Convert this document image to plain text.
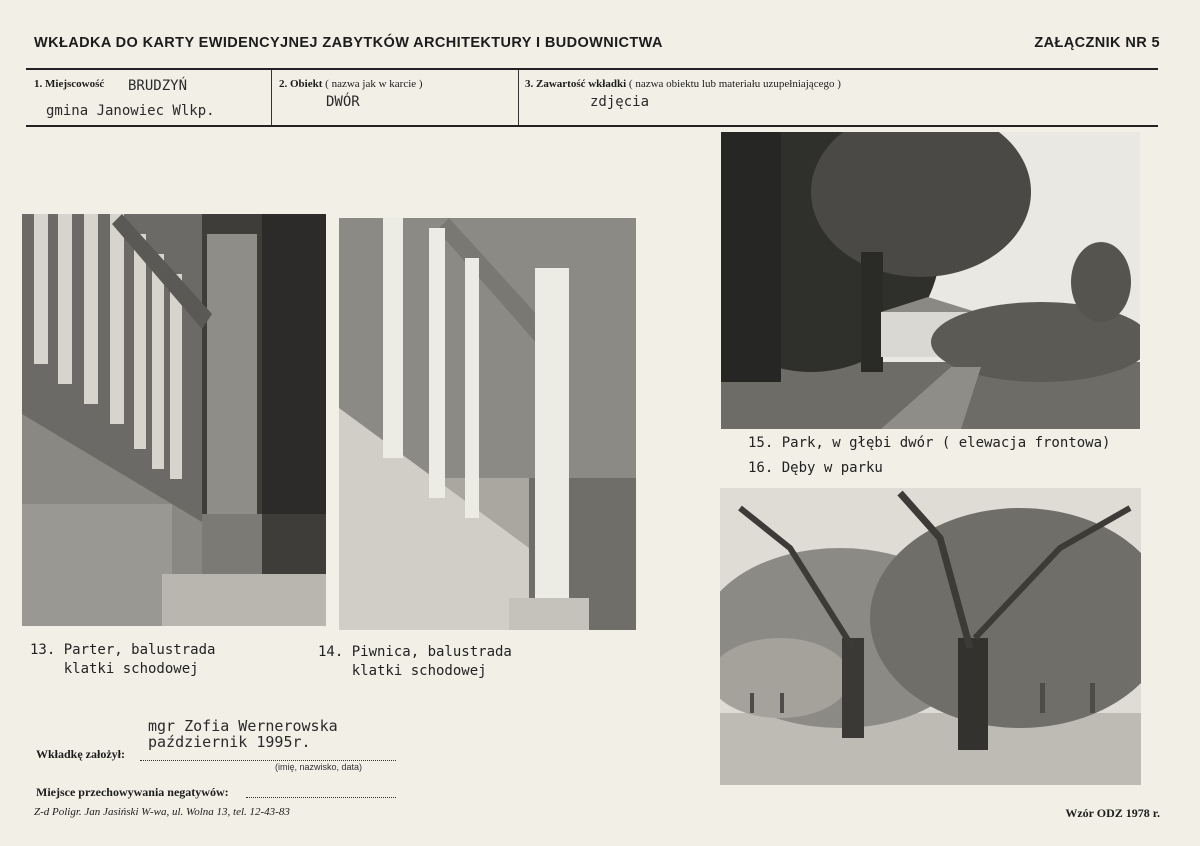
WKŁADKA DO KARTY EWIDENCYJNEJ ZABYTKÓW ARCHITEKTURY I BUDOWNICTWA	ZAŁĄCZNIK NR 5
1. Miejscowość BRUDZYŃ
gmina Janowiec Wlkp.
2. Obiekt ( nazwa jak w karcie )
DWÓR
3. Zawartość wkładki ( nazwa obiektu lub materiału uzupełniającego )
zdjęcia
15. Park, w głębi dwór ( elewacja frontowa)
16. Dęby w parku
13. Parter, balustrada
klatki schodowej
14. Piwnica, balustrada
klatki schodowej
mgr Zofia Wernerowska
październik 1995r.
Wkładkę założył:
(imię, nazwisko, data)
Miejsce przechowywania negatywów:
Z-d Poligr. Jan Jasiński W-wa, ul. Wolna 13, tel. 12-43-83	Wzór ODZ 1978 r.
